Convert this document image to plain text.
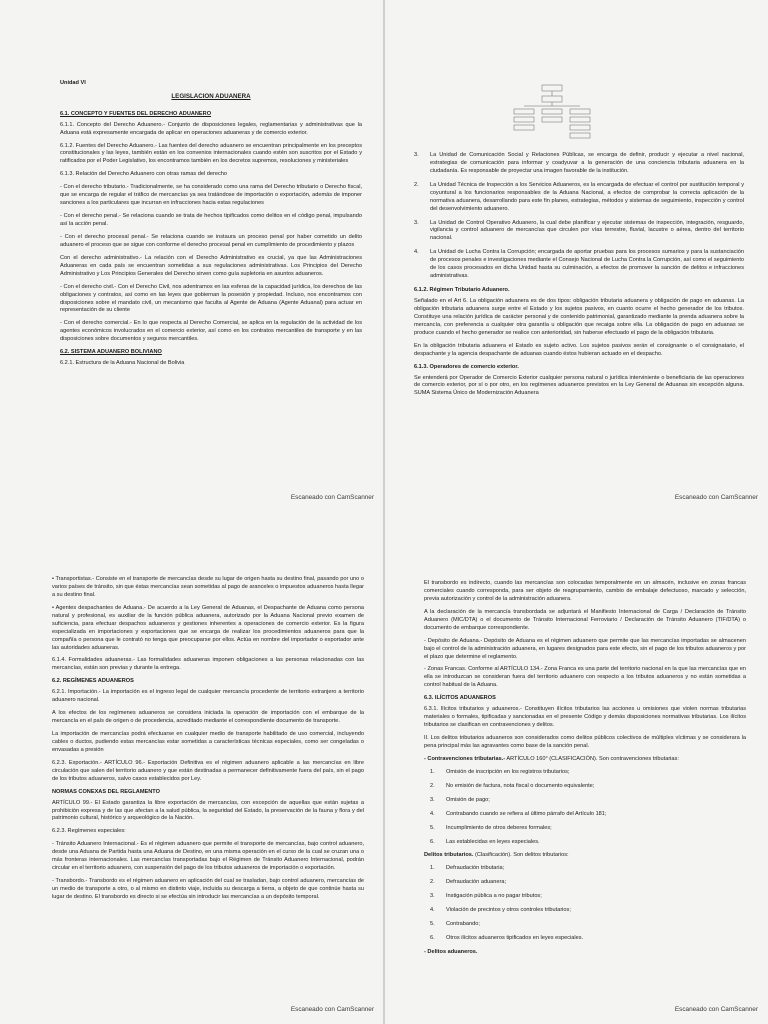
Unidad VI
LEGISLACION ADUANERA
6.1. CONCEPTO Y FUENTES DEL DERECHO ADUANERO
6.1.1. Concepto del Derecho Aduanero.- Conjunto de disposiciones legales, reglamentarias y administrativas que la Aduana está expresamente encargada de aplicar en operaciones aduaneras y de comercio exterior.
6.1.2. Fuentes del Derecho Aduanero.- Las fuentes del derecho aduanero se encuentran principalmente en los preceptos constitucionales y las leyes, también están en los convenios internacionales cuando estén son suscritos por el Estado y ratificados por el Poder Legislativo, los encontramos también en los decretos supremos, resoluciones y ministeriales
6.1.3. Relación del Derecho Aduanero con otras ramas del derecho
- Con el derecho tributario.- Tradicionalmente, se ha considerado como una rama del Derecho tributario o Derecho fiscal, que se encarga de regular el tráfico de mercancías ya sea tratándose de importación o exportación, además de imponer sanciones a los particulares que incurran en infracciones hacia estas regulaciones
- Con el derecho penal.- Se relaciona cuando se trata de hechos tipificados como delitos en el código penal, impulsando así la acción penal.
- Con el derecho procesal penal.- Se relaciona cuando se instaura un proceso penal por haber cometido un delito aduanero el proceso que se sigue con conforme el derecho procesal penal en cumplimiento de procedimiento y plazos
Con el derecho administrativo.- La relación con el Derecho Administrativo es crucial, ya que las Administraciones Aduaneras en cada país se encuentran sometidas a sus regulaciones administrativas. Los Principios del Derecho Administrativo y Los Principios Generales del Derecho sirven como guía supletoria en asuntos aduaneros.
- Con el derecho civil.- Con el Derecho Civil, nos adentramos en las esferas de la capacidad jurídica, los derechos de las obligaciones y contratos, así como en las leyes que gobiernan la posesión y propiedad. Incluso, nos encontramos con disposiciones sobre el mandato civil, un mecanismo que faculta al Agente de Aduana (Agente Aduanal) para actuar en representación de su cliente
- Con el derecho comercial.- En lo que respecta al Derecho Comercial, se aplica en la regulación de la actividad de los agentes económicos involucrados en el comercio exterior, así como en los contratos mercantiles de transporte y en las disposiciones sobre documentos y seguros mercantiles.
6.2. SISTEMA ADUANERO BOLIVIANO
6.2.1. Estructura de la Aduana Nacional de Bolivia
Escaneado con CamScanner
3. La Unidad de Comunicación Social y Relaciones Públicas, se encarga de definir, producir y ejecutar a nivel nacional, estrategias de comunicación para informar y coadyuvar a la generación de una conciencia tributaria aduanera en la ciudadanía. Es responsable de proyectar una imagen favorable de la institución.
2. La Unidad Técnica de Inspección a los Servicios Aduaneros, es la encargada de efectuar el control por sustitución temporal y coyuntural a los funcionarios responsables de la Aduana Nacional, a efectos de comprobar la correcta aplicación de la normativa aduanera, desarrollando para este fin planes, estrategias, métodos y sistemas de seguimiento, inspección y control del desenvolvimiento aduanero.
3. La Unidad de Control Operativo Aduanero, la cual debe planificar y ejecutar sistemas de inspección, integración, resguardo, vigilancia y control aduanero de mercancías que circulen por vías terrestre, fluvial, lacustre o aérea, dentro del territorio nacional.
4. La Unidad de Lucha Contra la Corrupción; encargada de aportar pruebas para los procesos sumarios y para la sustanciación de procesos penales e investigaciones mediante el Consejo Nacional de Lucha Contra la Corrupción, así como el seguimiento de los casos procesados en dicha Unidad hasta su culminación, a efectos de promover la sanción de delitos e infracciones administrativas.
6.1.2. Régimen Tributario Aduanero.
Señalado en el Art 6. La obligación aduanera es de dos tipos: obligación tributaria aduanera y obligación de pago en aduanas. La obligación tributaria aduanera surge entre el Estado y los sujetos pasivos, en cuanto ocurre el hecho generador de los tributos. Constituye una relación jurídica de carácter personal y de contenido patrimonial, garantizado mediante la prenda aduanera sobre la mercancía, con preferencia a cualquier otra garantía u obligación que recaiga sobre ella. La obligación de pago en aduanas se produce cuando el hecho generador se realice con anterioridad, sin haberse efectuado el pago de la obligación tributaria.
En la obligación tributaria aduanera el Estado es sujeto activo. Los sujetos pasivos serán el consignante o el consignatario, el despachante y la agencia despachante de aduanas cuando éstos hubieran actuado en el despacho.
6.1.3. Operadores de comercio exterior.
Se entenderá por Operador de Comercio Exterior cualquier persona natural o jurídica interviniente o beneficiaria de las operaciones de comercio exterior, por sí o por otro, en los regímenes aduaneros previstos en la Ley General de Aduanas sin excepción alguna. SUMA Sistema Único de Modernización Aduanera
Escaneado con CamScanner
• Transportistas.- Consiste en el transporte de mercancías desde su lugar de origen hasta su destino final, pasando por uno o varios países de tránsito, sin que éstas mercancías sean sometidas al pago de aranceles o impuestos aduaneros hasta llegar a su destino final.
• Agentes despachantes de Aduana.- De acuerdo a la Ley General de Aduanas, el Despachante de Aduana como persona natural y profesional, es auxiliar de la función pública aduanera, autorizado por la Aduana Nacional previo examen de suficiencia, para efectuar despachos aduaneros y gestiones inherentes a operaciones de comercio exterior. Es la figura especializada en importaciones y exportaciones que se encarga de realizar los procedimientos aduaneros para que la compañía o persona que le contrató no tenga que preocuparse por ellos. Actúa en nombre del importador o exportador ante las autoridades aduaneras.
6.1.4. Formalidades aduaneras.- Las formalidades aduaneras imponen obligaciones a las personas relacionadas con las mercancías, están son previas y durante la entrega.
6.2. REGÍMENES ADUANEROS
6.2.1. Importación.- La importación es el ingreso legal de cualquier mercancía procedente de territorio extranjero a territorio aduanero nacional.
A los efectos de los regímenes aduaneros se considera iniciada la operación de importación con el embarque de la mercancía en el país de origen o de procedencia, acreditado mediante el correspondiente documento de transporte.
La importación de mercancías podrá efectuarse en cualquier medio de transporte habilitado de uso comercial, incluyendo cables o ductos, pudiendo estas mercancías estar sometidas a características técnicas especiales, como ser congeladas o envasadas a presión
6.2.3. Exportación.- ARTÍCULO 96.- Exportación Definitiva es el régimen aduanero aplicable a las mercancías en libre circulación que salen del territorio aduanero y que están destinadas a permanecer definitivamente fuera del país, sin el pago de los tributos aduaneros, salvo casos establecidos por Ley.
NORMAS CONEXAS DEL REGLAMENTO
ARTÍCULO 99.- El Estado garantiza la libre exportación de mercancías, con excepción de aquellas que están sujetas a prohibición expresa y de las que afectan a la salud pública, la seguridad del Estado, la preservación de la fauna y flora y del patrimonio cultural, histórico y arqueológico de la Nación.
6.2.3. Regímenes especiales:
- Tránsito Aduanero Internacional.- Es el régimen aduanero que permite el transporte de mercancías, bajo control aduanero, desde una Aduana de Partida hasta una Aduana de Destino, en una misma operación en el curso de la cual se cruzan una o más fronteras internacionales. Las mercancías transportadas bajo el Régimen de Tránsito Aduanero Internacional, podrán circular en el territorio aduanero, con suspensión del pago de los tributos aduaneros de importación o exportación.
- Transbordo.- Transbordo es el régimen aduanero en aplicación del cual se trasladan, bajo control aduanero, mercancías de un medio de transporte a otro, o al mismo en distinto viaje, incluida su descarga a tierra, a objeto de que continúe hasta su lugar de destino. El transbordo es directo si se efectúa sin introducir las mercancías a un depósito temporal.
Escaneado con CamScanner
El transbordo es indirecto, cuando las mercancías son colocadas temporalmente en un almacén, inclusive en zonas francas comerciales cuando corresponda, para ser objeto de reagrupamiento, cambio de embalaje defectuoso, marcado y selección, previa autorización y control de la administración aduanera.
A la declaración de la mercancía transbordada se adjuntará el Manifiesto Internacional de Carga / Declaración de Tránsito Aduanero (MIC/DTA) o el documento de Tránsito Internacional Ferroviario / Declaración de Tránsito Aduanero (TIF/DTA) o documento de embarque correspondiente.
- Depósito de Aduana.- Depósito de Aduana es el régimen aduanero que permite que las mercancías importadas se almacenen bajo el control de la administración aduanera, en lugares designados para este efecto, sin el pago de los tributos aduaneros y por el plazo que determine el reglamento.
- Zonas Francas. Conforme al ARTÍCULO 134.- Zona Franca es una parte del territorio nacional en la que las mercancías que en ella se introduzcan se consideran fuera del territorio aduanero con respecto a los tributos aduaneros y no están sometidas a control habitual de la Aduana.
6.3. ILÍCITOS ADUANEROS
6.3.1. Ilícitos tributarios y aduaneros.- Constituyen ilícitos tributarios las acciones u omisiones que violen normas tributarias materiales o formales, tipificadas y sancionadas en el presente Código y demás disposiciones normativas tributarias. Los ilícitos tributarios se clasifican en contravenciones y delitos.
II. Los delitos tributarios aduaneros son considerados como delitos públicos colectivos de múltiples víctimas y se considerara la pena principal más las agravantes como base de la sanción penal.
- Contravenciones tributarias.- ARTÍCULO 160° (CLASIFICACIÓN). Son contravenciones tributarias:
1. Omisión de inscripción en los registros tributarios;
2. No emisión de factura, nota fiscal o documento equivalente;
3. Omisión de pago;
4. Contrabando cuando se refiera al último párrafo del Artículo 181;
5. Incumplimiento de otros deberes formales;
6. Las establecidas en leyes especiales.
Delitos tributarios. (Clasificación). Son delitos tributarios:
1. Defraudación tributaria;
2. Defraudación aduanera;
3. Instigación pública a no pagar tributos;
4. Violación de precintos y otros controles tributarios;
5. Contrabando;
6. Otros ilícitos aduaneros tipificados en leyes especiales.
- Delitos aduaneros.
Escaneado con CamScanner
